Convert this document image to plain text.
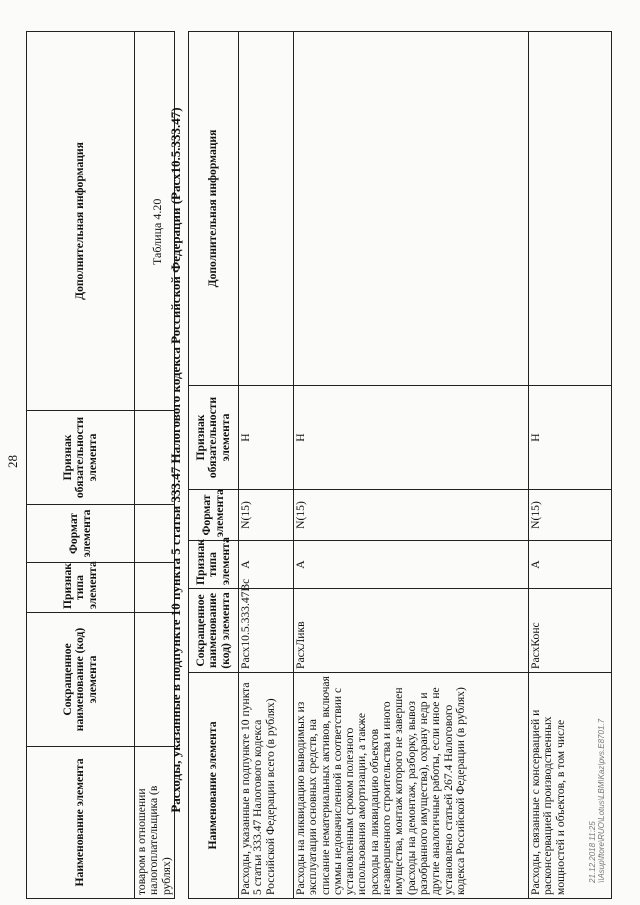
28
Наименование элемента	Сокращенное наименование (код) элемента	Признак типа элемента	Формат элемента	Признак обязательности элемента	Дополнительная информация
товаром в отношении налогоплательщика (в рублях)					
Таблица 4.20 Расходы, указанные в подпункте 10 пункта 5 статьи 333.47 Налогового кодекса Российской Федерации (Расх10.5.333.47) Наименование элемента	Сокращенное наименование (код) элемента	Признак типа элемента	Формат элемента	Признак обязательности элемента	Дополнительная информация
Расходы, указанные в подпункте 10 пункта 5 статьи 333.47 Налогового кодекса Российской Федерации всего (в рублях)	Расх10.5.333.47Вс	А	N(15)	Н	
Расходы на ликвидацию выводимых из эксплуатации основных средств, на списание нематериальных активов, включая суммы недоначисленной в соответствии с установленным сроком полезного использования амортизации, а также расходы на ликвидацию объектов незавершенного строительства и иного имущества, монтаж которого не завершен (расходы на демонтаж, разборку, вывоз разобранного имущества), охрану недр и другие аналогичные работы, если иное не установлено статьей 267.4 Налогового кодекса Российской Федерации (в рублях)	РасхЛикв	А	N(15)	Н	
Расходы, связанные с консервацией и расконсервацией производственных мощностей и объектов, в том числе	РасхКонс	А	N(15)	Н	
21.12.2018 11:25 \\Asup\ftore\RUO\Lotus\LBM\Kaz\pvs.Е8701.7
